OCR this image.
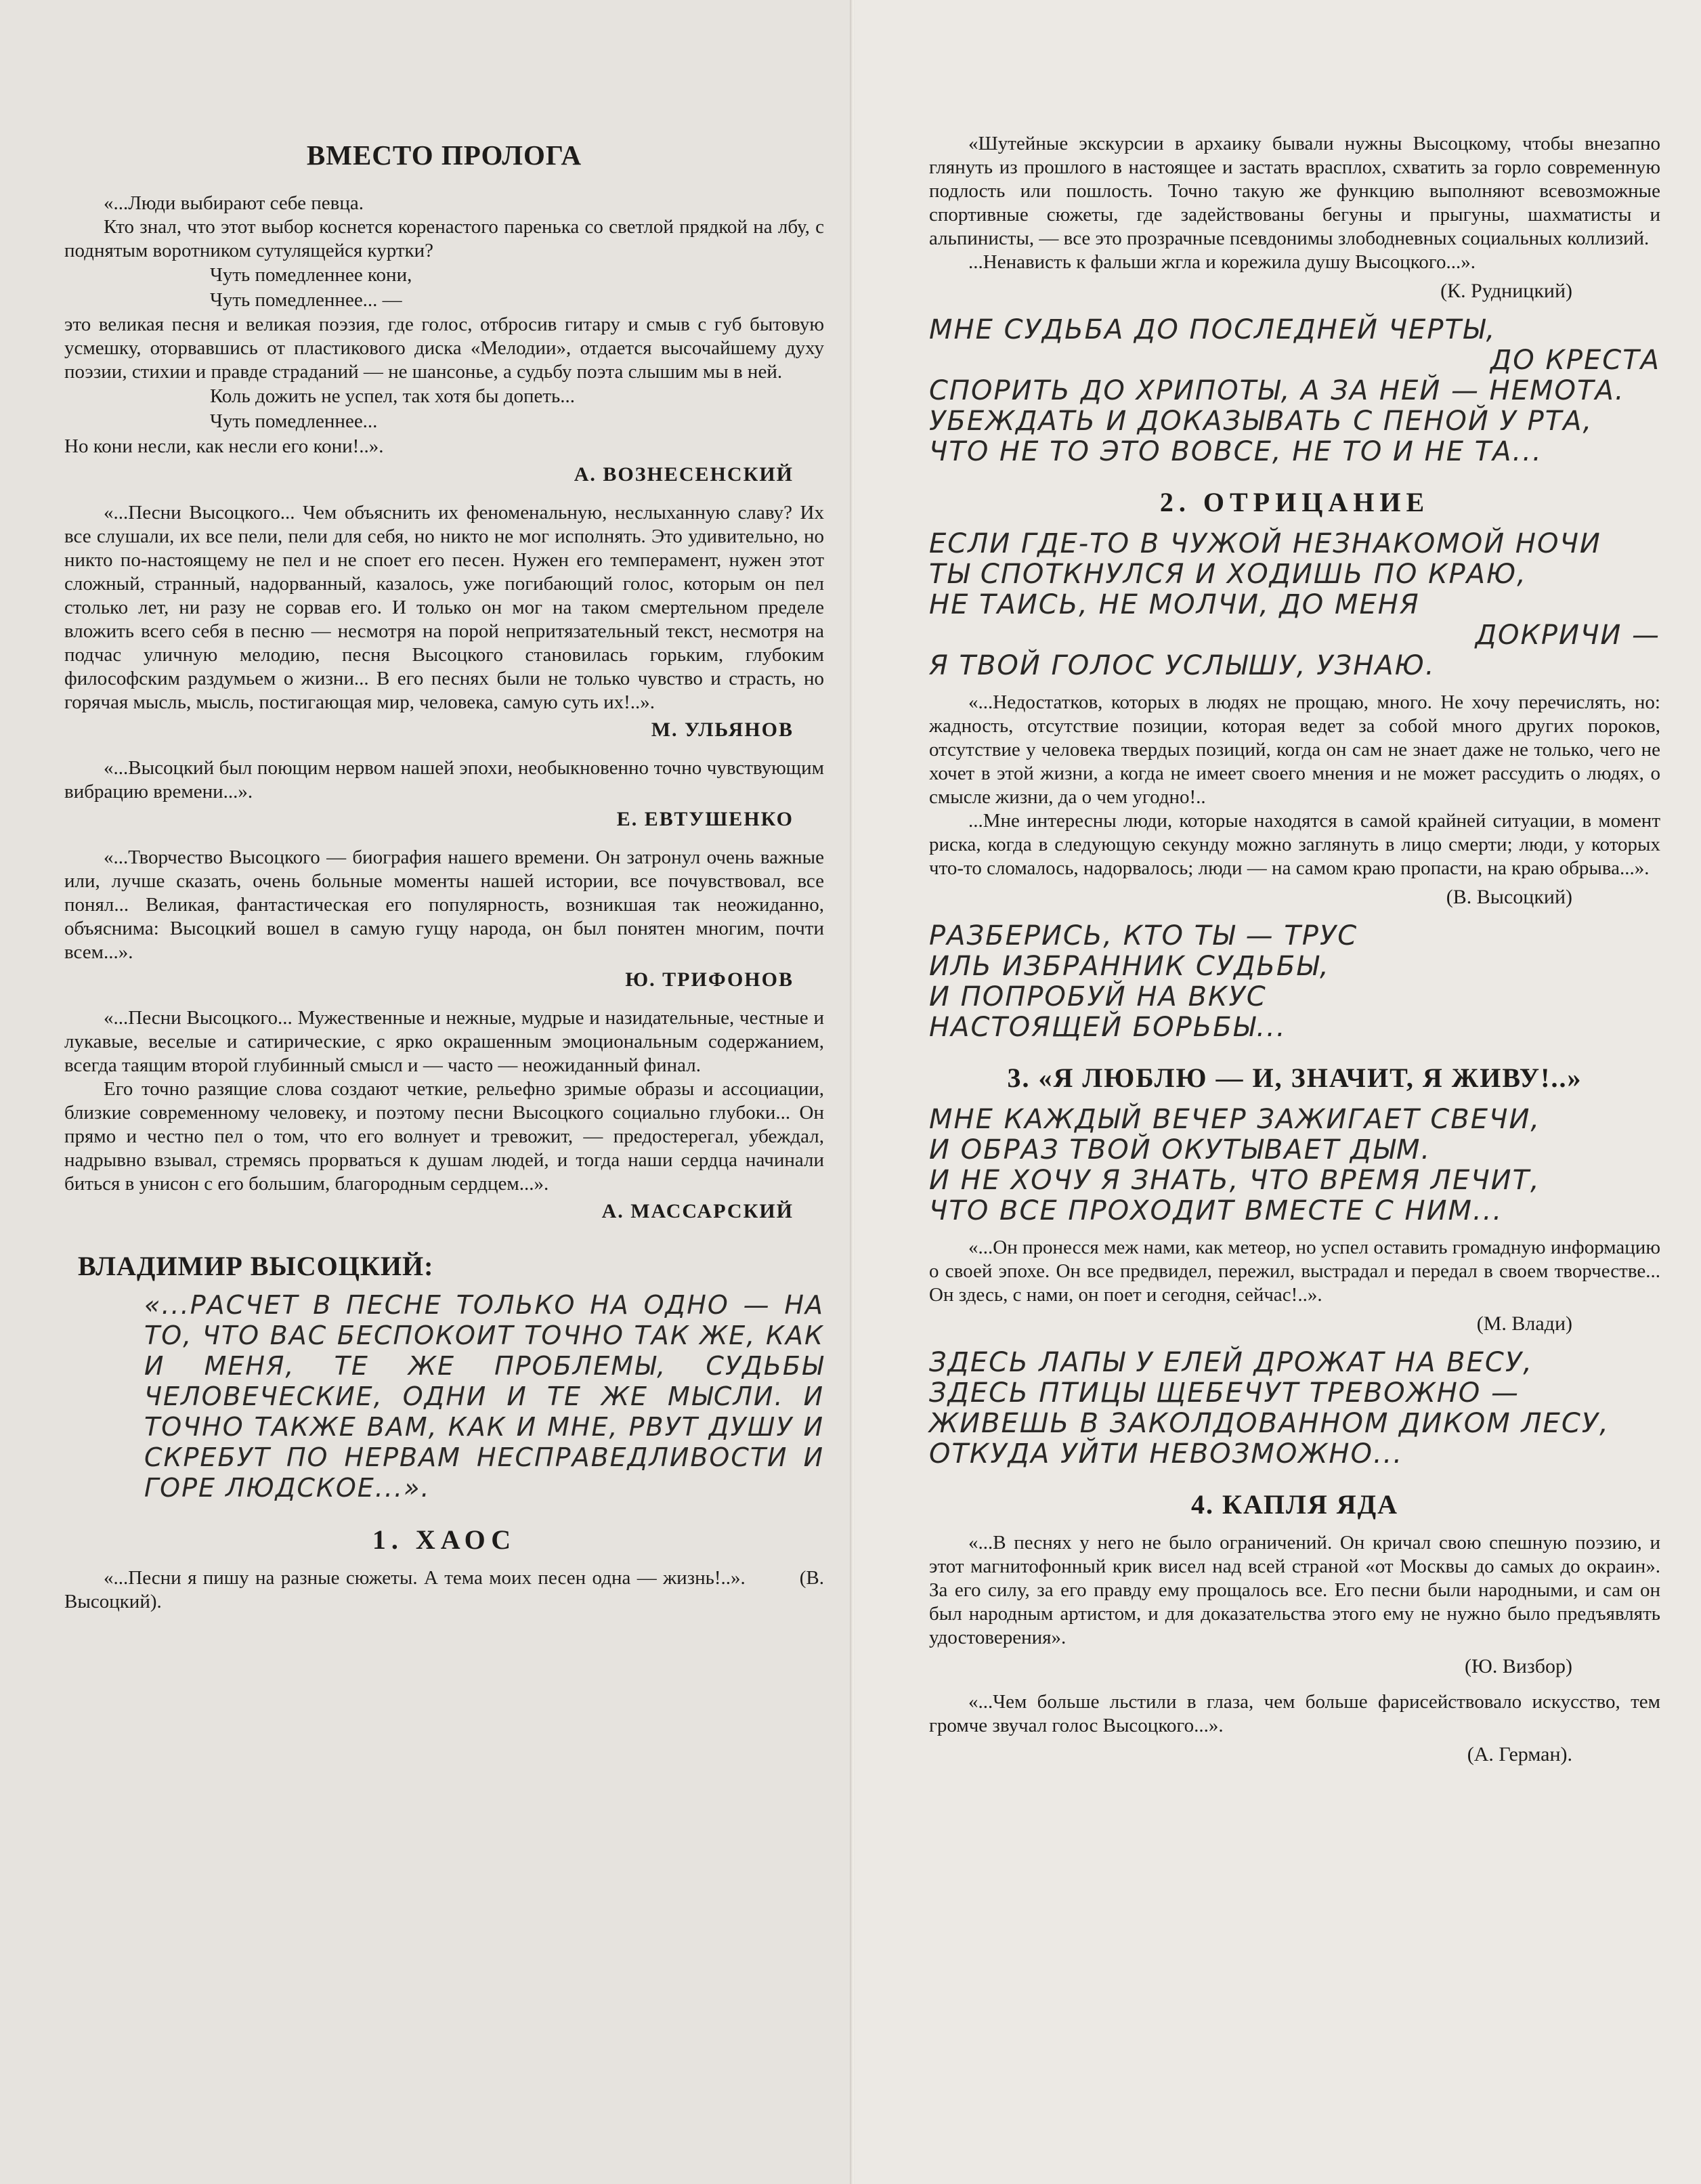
ВМЕСТО ПРОЛОГА

«...Люди выбирают себе певца.

Кто знал, что этот выбор коснется коренастого паренька со светлой прядкой на лбу, с поднятым воротником сутулящейся куртки?

Чуть помедленнее кони,

Чуть помедленнее... —

это великая песня и великая поэзия, где голос, отбросив гитару и смыв с губ бытовую усмешку, оторвавшись от пластикового диска «Мелодии», отдается высочайшему духу поэзии, стихии и правде страданий — не шансонье, а судьбу поэта слышим мы в ней.

Коль дожить не успел, так хотя бы допеть...

Чуть помедленнее...

Но кони несли, как несли его кони!..».

А. ВОЗНЕСЕНСКИЙ

«...Песни Высоцкого... Чем объяснить их феноменальную, неслыханную славу? Их все слушали, их все пели, пели для себя, но никто не мог исполнять. Это удивительно, но никто по-настоящему не пел и не споет его песен. Нужен его темперамент, нужен этот сложный, странный, надорванный, казалось, уже погибающий голос, которым он пел столько лет, ни разу не сорвав его. И только он мог на таком смертельном пределе вложить всего себя в песню — несмотря на порой непритязательный текст, несмотря на подчас уличную мелодию, песня Высоцкого становилась горьким, глубоким философским раздумьем о жизни... В его песнях были не только чувство и страсть, но горячая мысль, мысль, постигающая мир, человека, самую суть их!..».

М. УЛЬЯНОВ

«...Высоцкий был поющим нервом нашей эпохи, необыкновенно точно чувствующим вибрацию времени...».

Е. ЕВТУШЕНКО

«...Творчество Высоцкого — биография нашего времени. Он затронул очень важные или, лучше сказать, очень больные моменты нашей истории, все почувствовал, все понял... Великая, фантастическая его популярность, возникшая так неожиданно, объяснима: Высоцкий вошел в самую гущу народа, он был понятен многим, почти всем...».

Ю. ТРИФОНОВ

«...Песни Высоцкого... Мужественные и нежные, мудрые и назидательные, честные и лукавые, веселые и сатирические, с ярко окрашенным эмоциональным содержанием, всегда таящим второй глубинный смысл и — часто — неожиданный финал.

Его точно разящие слова создают четкие, рельефно зримые образы и ассоциации, близкие современному человеку, и поэтому песни Высоцкого социально глубоки... Он прямо и честно пел о том, что его волнует и тревожит, — предостерегал, убеждал, надрывно взывал, стремясь прорваться к душам людей, и тогда наши сердца начинали биться в унисон с его большим, благородным сердцем...».

А. МАССАРСКИЙ
ВЛАДИМИР ВЫСОЦКИЙ:
«...РАСЧЕТ В ПЕСНЕ ТОЛЬКО НА ОДНО — НА ТО, ЧТО ВАС БЕСПОКОИТ ТОЧНО ТАК ЖЕ, КАК И МЕНЯ, ТЕ ЖЕ ПРОБЛЕМЫ, СУДЬБЫ ЧЕЛОВЕЧЕСКИЕ, ОДНИ И ТЕ ЖЕ МЫСЛИ. И ТОЧНО ТАКЖЕ ВАМ, КАК И МНЕ, РВУТ ДУШУ И СКРЕБУТ ПО НЕРВАМ НЕСПРАВЕДЛИВОСТИ И ГОРЕ ЛЮДСКОЕ...».
1. ХАОС

«...Песни я пишу на разные сюжеты. А тема моих песен одна — жизнь!..».	(В. Высоцкий).

«Шутейные экскурсии в архаику бывали нужны Высоцкому, чтобы внезапно глянуть из прошлого в настоящее и застать врасплох, схватить за горло современную подлость или пошлость. Точно такую же функцию выполняют всевозможные спортивные сюжеты, где задействованы бегуны и прыгуны, шахматисты и альпинисты, — все это прозрачные псевдонимы злободневных социальных коллизий.

...Ненависть к фальши жгла и корежила душу Высоцкого...».

(К. Рудницкий)
МНЕ СУДЬБА ДО ПОСЛЕДНЕЙ ЧЕРТЫ,
ДО КРЕСТА
СПОРИТЬ ДО ХРИПОТЫ, А ЗА НЕЙ — НЕМОТА.
УБЕЖДАТЬ И ДОКАЗЫВАТЬ С ПЕНОЙ У РТА,
ЧТО НЕ ТО ЭТО ВОВСЕ, НЕ ТО И НЕ ТА...
2. ОТРИЦАНИЕ
ЕСЛИ ГДЕ-ТО В ЧУЖОЙ НЕЗНАКОМОЙ НОЧИ
ТЫ СПОТКНУЛСЯ И ХОДИШЬ ПО КРАЮ,
НЕ ТАИСЬ, НЕ МОЛЧИ, ДО МЕНЯ
ДОКРИЧИ —
Я ТВОЙ ГОЛОС УСЛЫШУ, УЗНАЮ.

«...Недостатков, которых в людях не прощаю, много. Не хочу перечислять, но: жадность, отсутствие позиции, которая ведет за собой много других пороков, отсутствие у человека твердых позиций, когда он сам не знает даже не только, чего не хочет в этой жизни, а когда не имеет своего мнения и не может рассудить о людях, о смысле жизни, да о чем угодно!..

...Мне интересны люди, которые находятся в самой крайней ситуации, в момент риска, когда в следующую секунду можно заглянуть в лицо смерти; люди, у которых что-то сломалось, надорвалось; люди — на самом краю пропасти, на краю обрыва...».

(В. Высоцкий)
РАЗБЕРИСЬ, КТО ТЫ — ТРУС
ИЛЬ ИЗБРАННИК СУДЬБЫ,
И ПОПРОБУЙ НА ВКУС
НАСТОЯЩЕЙ БОРЬБЫ...
3. «Я ЛЮБЛЮ — И, ЗНАЧИТ, Я ЖИВУ!..»
МНЕ КАЖДЫЙ ВЕЧЕР ЗАЖИГАЕТ СВЕЧИ,
И ОБРАЗ ТВОЙ ОКУТЫВАЕТ ДЫМ.
И НЕ ХОЧУ Я ЗНАТЬ, ЧТО ВРЕМЯ ЛЕЧИТ,
ЧТО ВСЕ ПРОХОДИТ ВМЕСТЕ С НИМ...

«...Он пронесся меж нами, как метеор, но успел оставить громадную информацию о своей эпохе. Он все предвидел, пережил, выстрадал и передал в своем творчестве... Он здесь, с нами, он поет и сегодня, сейчас!..».

(М. Влади)
ЗДЕСЬ ЛАПЫ У ЕЛЕЙ ДРОЖАТ НА ВЕСУ,
ЗДЕСЬ ПТИЦЫ ЩЕБЕЧУТ ТРЕВОЖНО —
ЖИВЕШЬ В ЗАКОЛДОВАННОМ ДИКОМ ЛЕСУ,
ОТКУДА УЙТИ НЕВОЗМОЖНО...
4. КАПЛЯ ЯДА

«...В песнях у него не было ограничений. Он кричал свою спешную поэзию, и этот магнитофонный крик висел над всей страной «от Москвы до самых до окраин». За его силу, за его правду ему прощалось все. Его песни были народными, и сам он был народным артистом, и для доказательства этого ему не нужно было предъявлять удостоверения».

(Ю. Визбор)

«...Чем больше льстили в глаза, чем больше фарисействовало искусство, тем громче звучал голос Высоцкого...».

(А. Герман).
